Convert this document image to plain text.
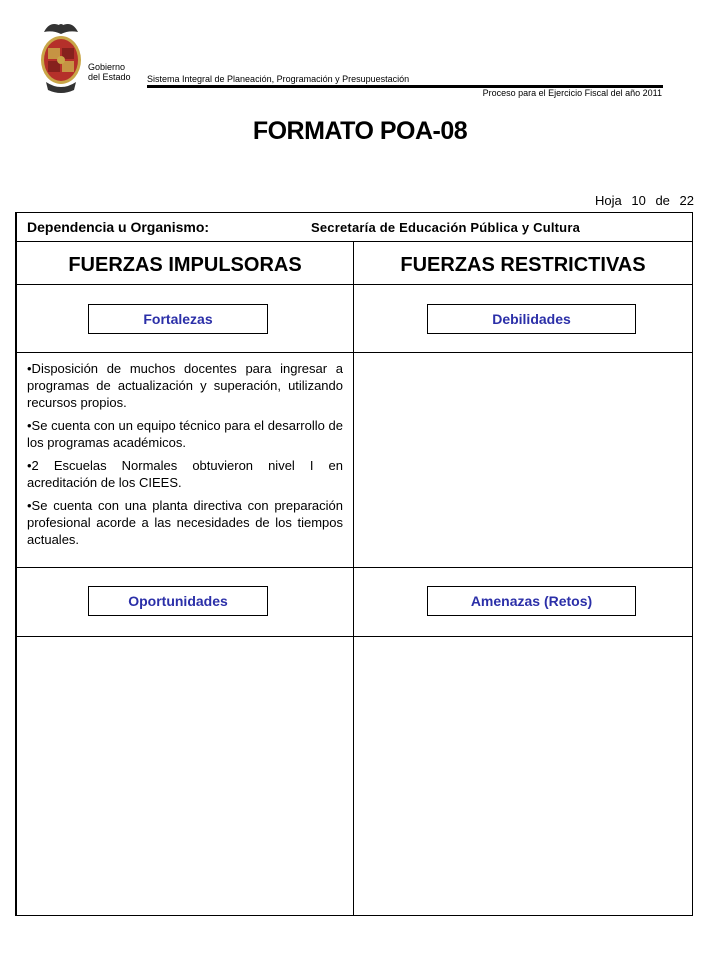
Gobierno
del Estado Sistema Integral de Planeación, Programación y Presupuestación
Proceso para el Ejercicio Fiscal del año 2011
FORMATO POA-08
Hoja 10 de 22
Dependencia u Organismo:	Secretaría de Educación Pública y Cultura
FUERZAS IMPULSORAS	FUERZAS RESTRICTIVAS
Fortalezas	Debilidades

•Disposición de muchos docentes para ingresar a programas de actualización y superación, utilizando recursos propios.

•Se cuenta con un equipo técnico para el desarrollo de los programas académicos.

•2 Escuelas Normales obtuvieron nivel I en acreditación de los CIEES.

•Se cuenta con una planta directiva con preparación profesional acorde a las necesidades de los tiempos actuales.

Oportunidades	Amenazas (Retos)
